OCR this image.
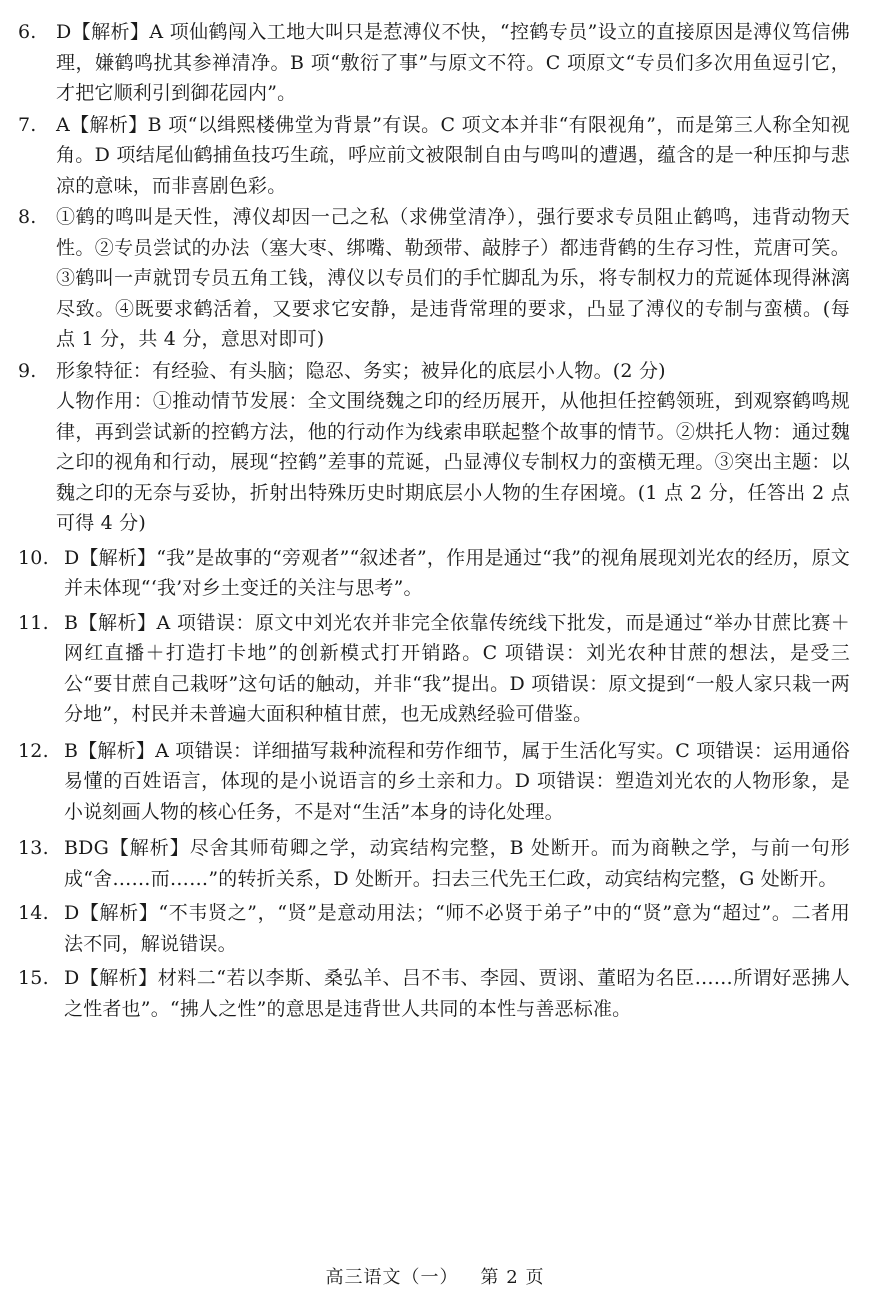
6.	D【解析】A 项仙鹤闯入工地大叫只是惹溥仪不快，“控鹤专员”设立的直接原因是溥仪笃信佛理，嫌鹤鸣扰其参禅清净。B 项“敷衍了事”与原文不符。C 项原文“专员们多次用鱼逗引它，才把它顺利引到御花园内”。

7.	A【解析】B 项“以缉熙楼佛堂为背景”有误。C 项文本并非“有限视角”，而是第三人称全知视角。D 项结尾仙鹤捕鱼技巧生疏，呼应前文被限制自由与鸣叫的遭遇，蕴含的是一种压抑与悲凉的意味，而非喜剧色彩。

8.	①鹤的鸣叫是天性，溥仪却因一己之私（求佛堂清净），强行要求专员阻止鹤鸣，违背动物天性。②专员尝试的办法（塞大枣、绑嘴、勒颈带、敲脖子）都违背鹤的生存习性，荒唐可笑。③鹤叫一声就罚专员五角工钱，溥仪以专员们的手忙脚乱为乐，将专制权力的荒诞体现得淋漓尽致。④既要求鹤活着，又要求它安静，是违背常理的要求，凸显了溥仪的专制与蛮横。(每点 1 分，共 4 分，意思对即可)

9.	形象特征：有经验、有头脑；隐忍、务实；被异化的底层小人物。(2 分)

人物作用：①推动情节发展：全文围绕魏之印的经历展开，从他担任控鹤领班，到观察鹤鸣规律，再到尝试新的控鹤方法，他的行动作为线索串联起整个故事的情节。②烘托人物：通过魏之印的视角和行动，展现“控鹤”差事的荒诞，凸显溥仪专制权力的蛮横无理。③突出主题：以魏之印的无奈与妥协，折射出特殊历史时期底层小人物的生存困境。(1 点 2 分，任答出 2 点可得 4 分)

10. D【解析】“我”是故事的“旁观者”“叙述者”，作用是通过“我”的视角展现刘光农的经历，原文并未体现“‘我’对乡土变迁的关注与思考”。

11. B【解析】A 项错误：原文中刘光农并非完全依靠传统线下批发，而是通过“举办甘蔗比赛＋网红直播＋打造打卡地”的创新模式打开销路。C 项错误：刘光农种甘蔗的想法，是受三公“要甘蔗自己栽呀”这句话的触动，并非“我”提出。D 项错误：原文提到“一般人家只栽一两分地”，村民并未普遍大面积种植甘蔗，也无成熟经验可借鉴。

12. B【解析】A 项错误：详细描写栽种流程和劳作细节，属于生活化写实。C 项错误：运用通俗易懂的百姓语言，体现的是小说语言的乡土亲和力。D 项错误：塑造刘光农的人物形象，是小说刻画人物的核心任务，不是对“生活”本身的诗化处理。

13. BDG【解析】尽舍其师荀卿之学，动宾结构完整，B 处断开。而为商鞅之学，与前一句形成“舍……而……”的转折关系，D 处断开。扫去三代先王仁政，动宾结构完整，G 处断开。

14. D【解析】“不韦贤之”，“贤”是意动用法；“师不必贤于弟子”中的“贤”意为“超过”。二者用法不同，解说错误。

15. D【解析】材料二“若以李斯、桑弘羊、吕不韦、李园、贾诩、董昭为名臣……所谓好恶拂人之性者也”。“拂人之性”的意思是违背世人共同的本性与善恶标准。

高三语文（一） 第 2 页
